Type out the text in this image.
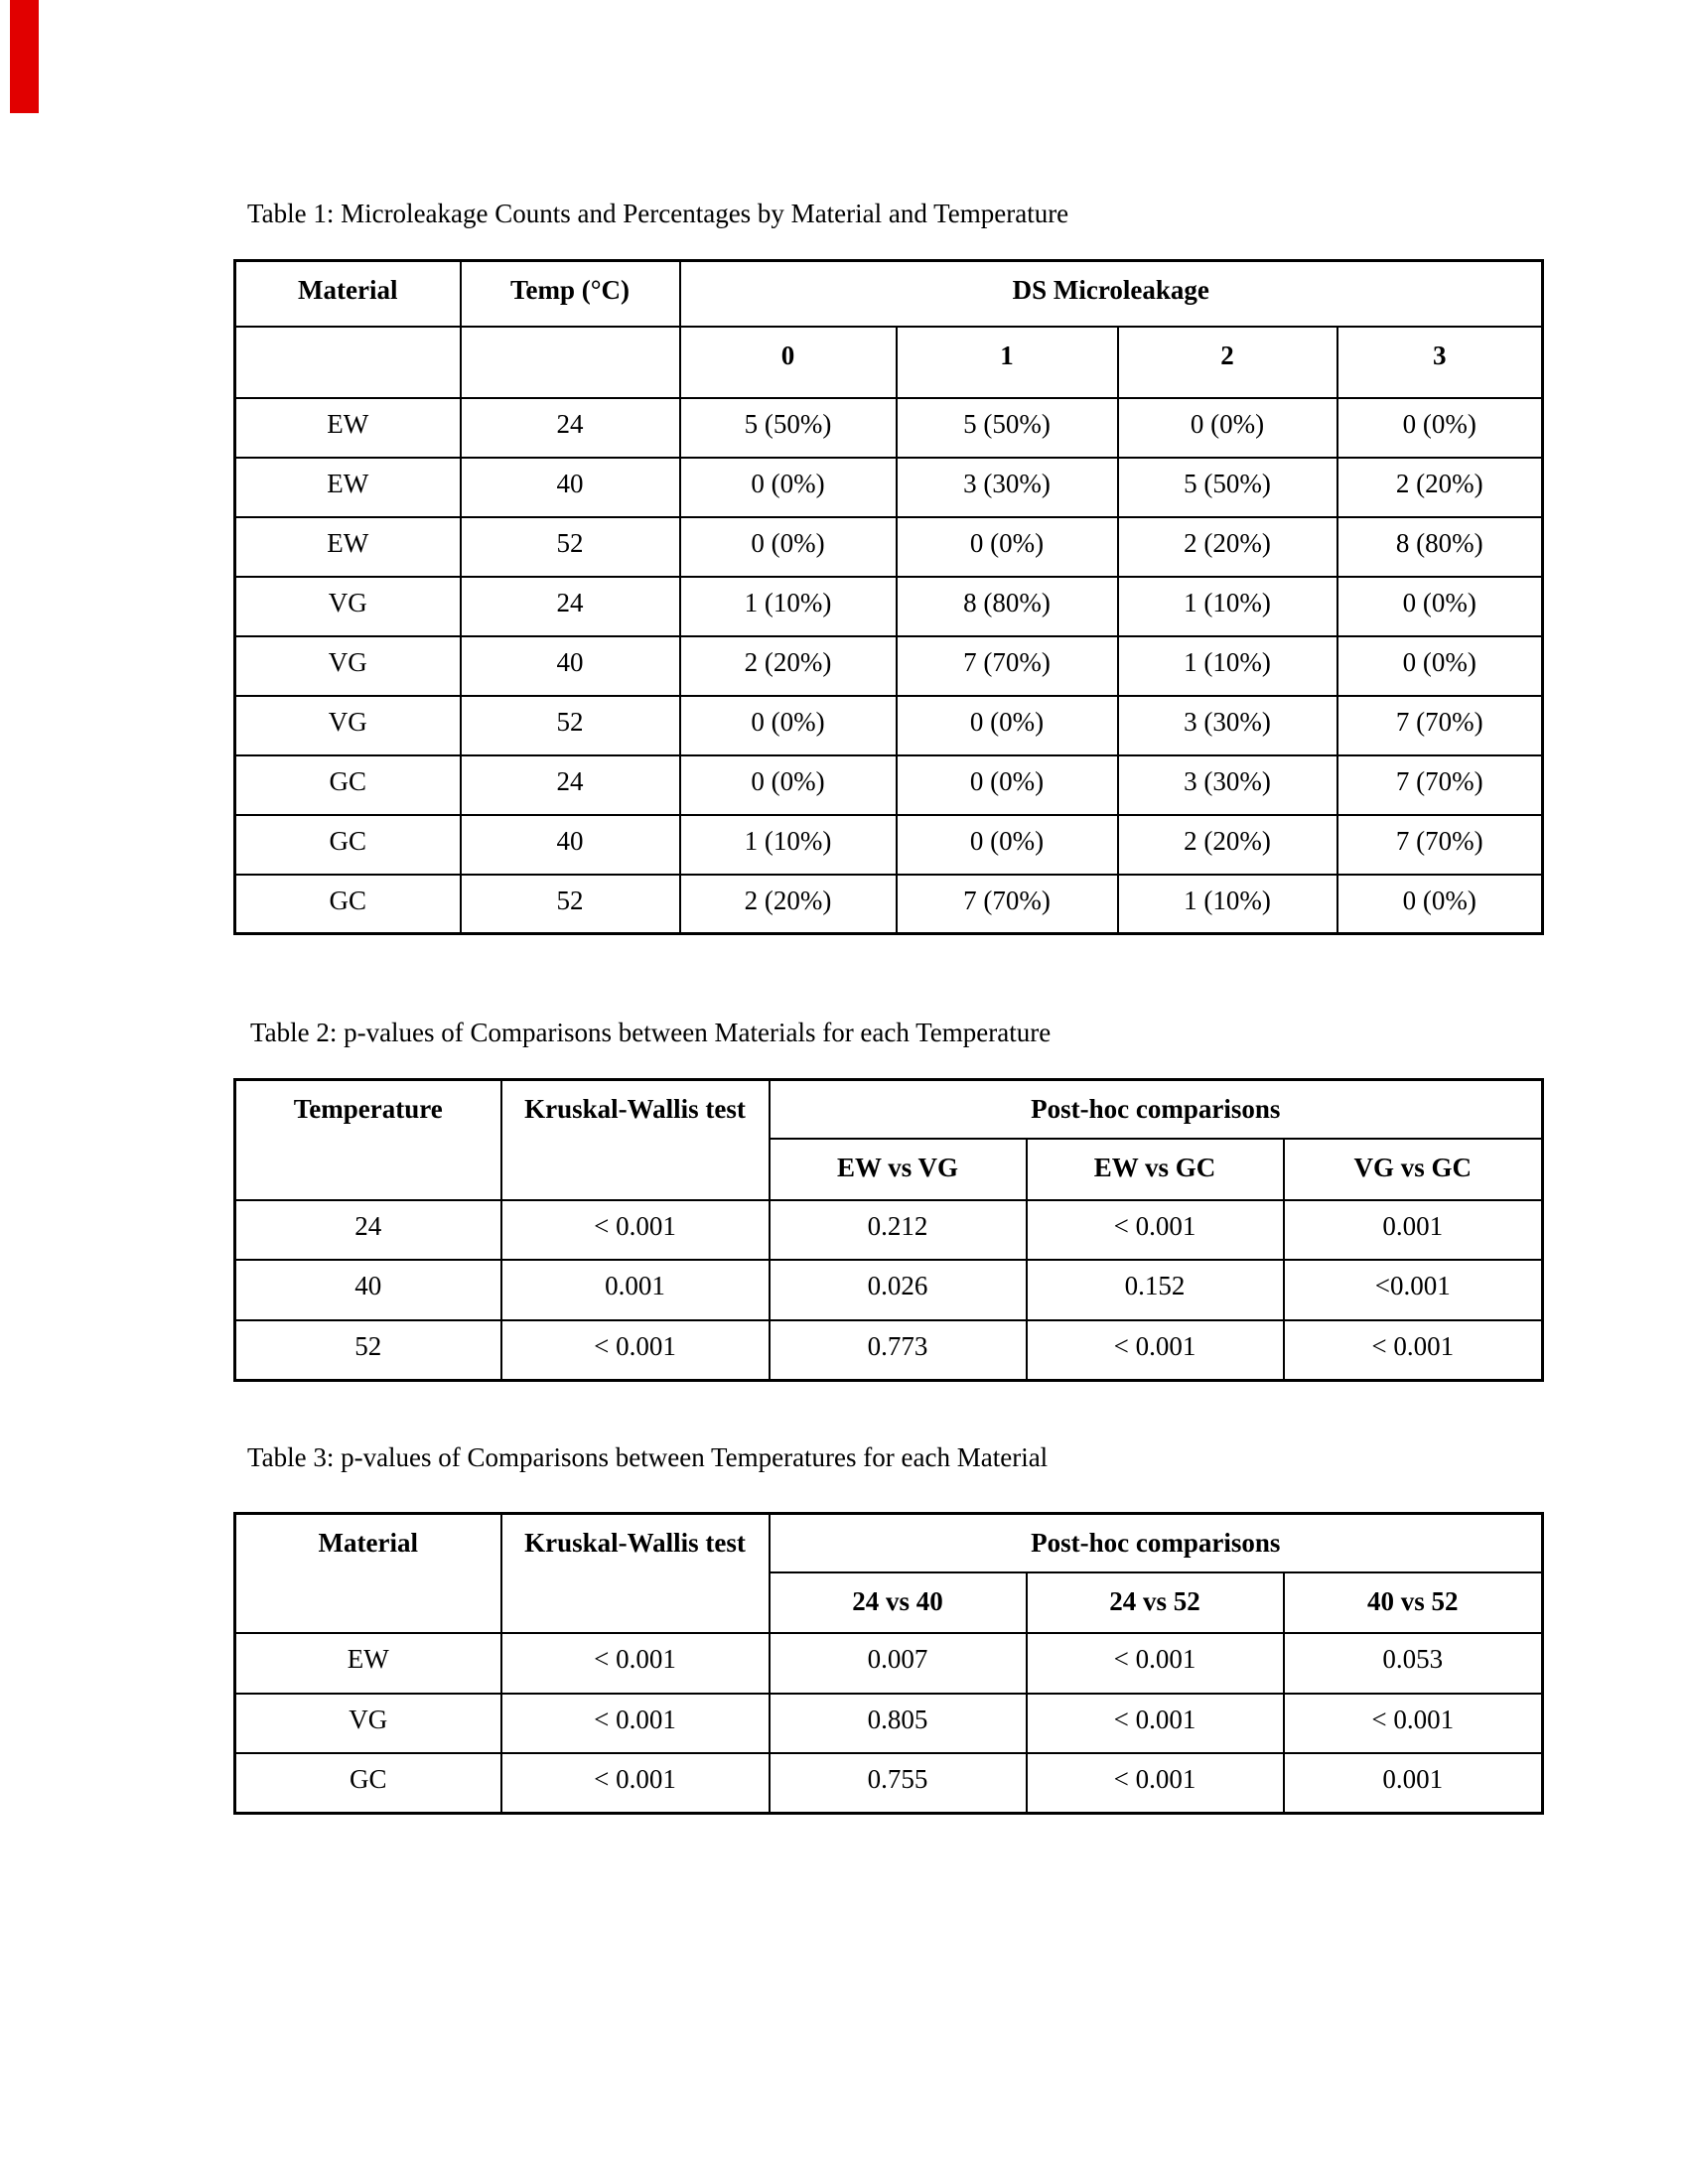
Table 1: Microleakage Counts and Percentages by Material and Temperature
Material	Temp (°C)	DS Microleakage			
		0	1	2	3
EW	24	5 (50%)	5 (50%)	0 (0%)	0 (0%)
EW	40	0 (0%)	3 (30%)	5 (50%)	2 (20%)
EW	52	0 (0%)	0 (0%)	2 (20%)	8 (80%)
VG	24	1 (10%)	8 (80%)	1 (10%)	0 (0%)
VG	40	2 (20%)	7 (70%)	1 (10%)	0 (0%)
VG	52	0 (0%)	0 (0%)	3 (30%)	7 (70%)
GC	24	0 (0%)	0 (0%)	3 (30%)	7 (70%)
GC	40	1 (10%)	0 (0%)	2 (20%)	7 (70%)
GC	52	2 (20%)	7 (70%)	1 (10%)	0 (0%)
Table 2: p-values of Comparisons between Materials for each Temperature
Temperature	Kruskal-Wallis test	Post-hoc comparisons		
		EW vs VG	EW vs GC	VG vs GC
24	< 0.001	0.212	< 0.001	0.001
40	0.001	0.026	0.152	<0.001
52	< 0.001	0.773	< 0.001	< 0.001
Table 3: p-values of Comparisons between Temperatures for each Material
Material	Kruskal-Wallis test	Post-hoc comparisons		
		24 vs 40	24 vs 52	40 vs 52
EW	< 0.001	0.007	< 0.001	0.053
VG	< 0.001	0.805	< 0.001	< 0.001
GC	< 0.001	0.755	< 0.001	0.001
